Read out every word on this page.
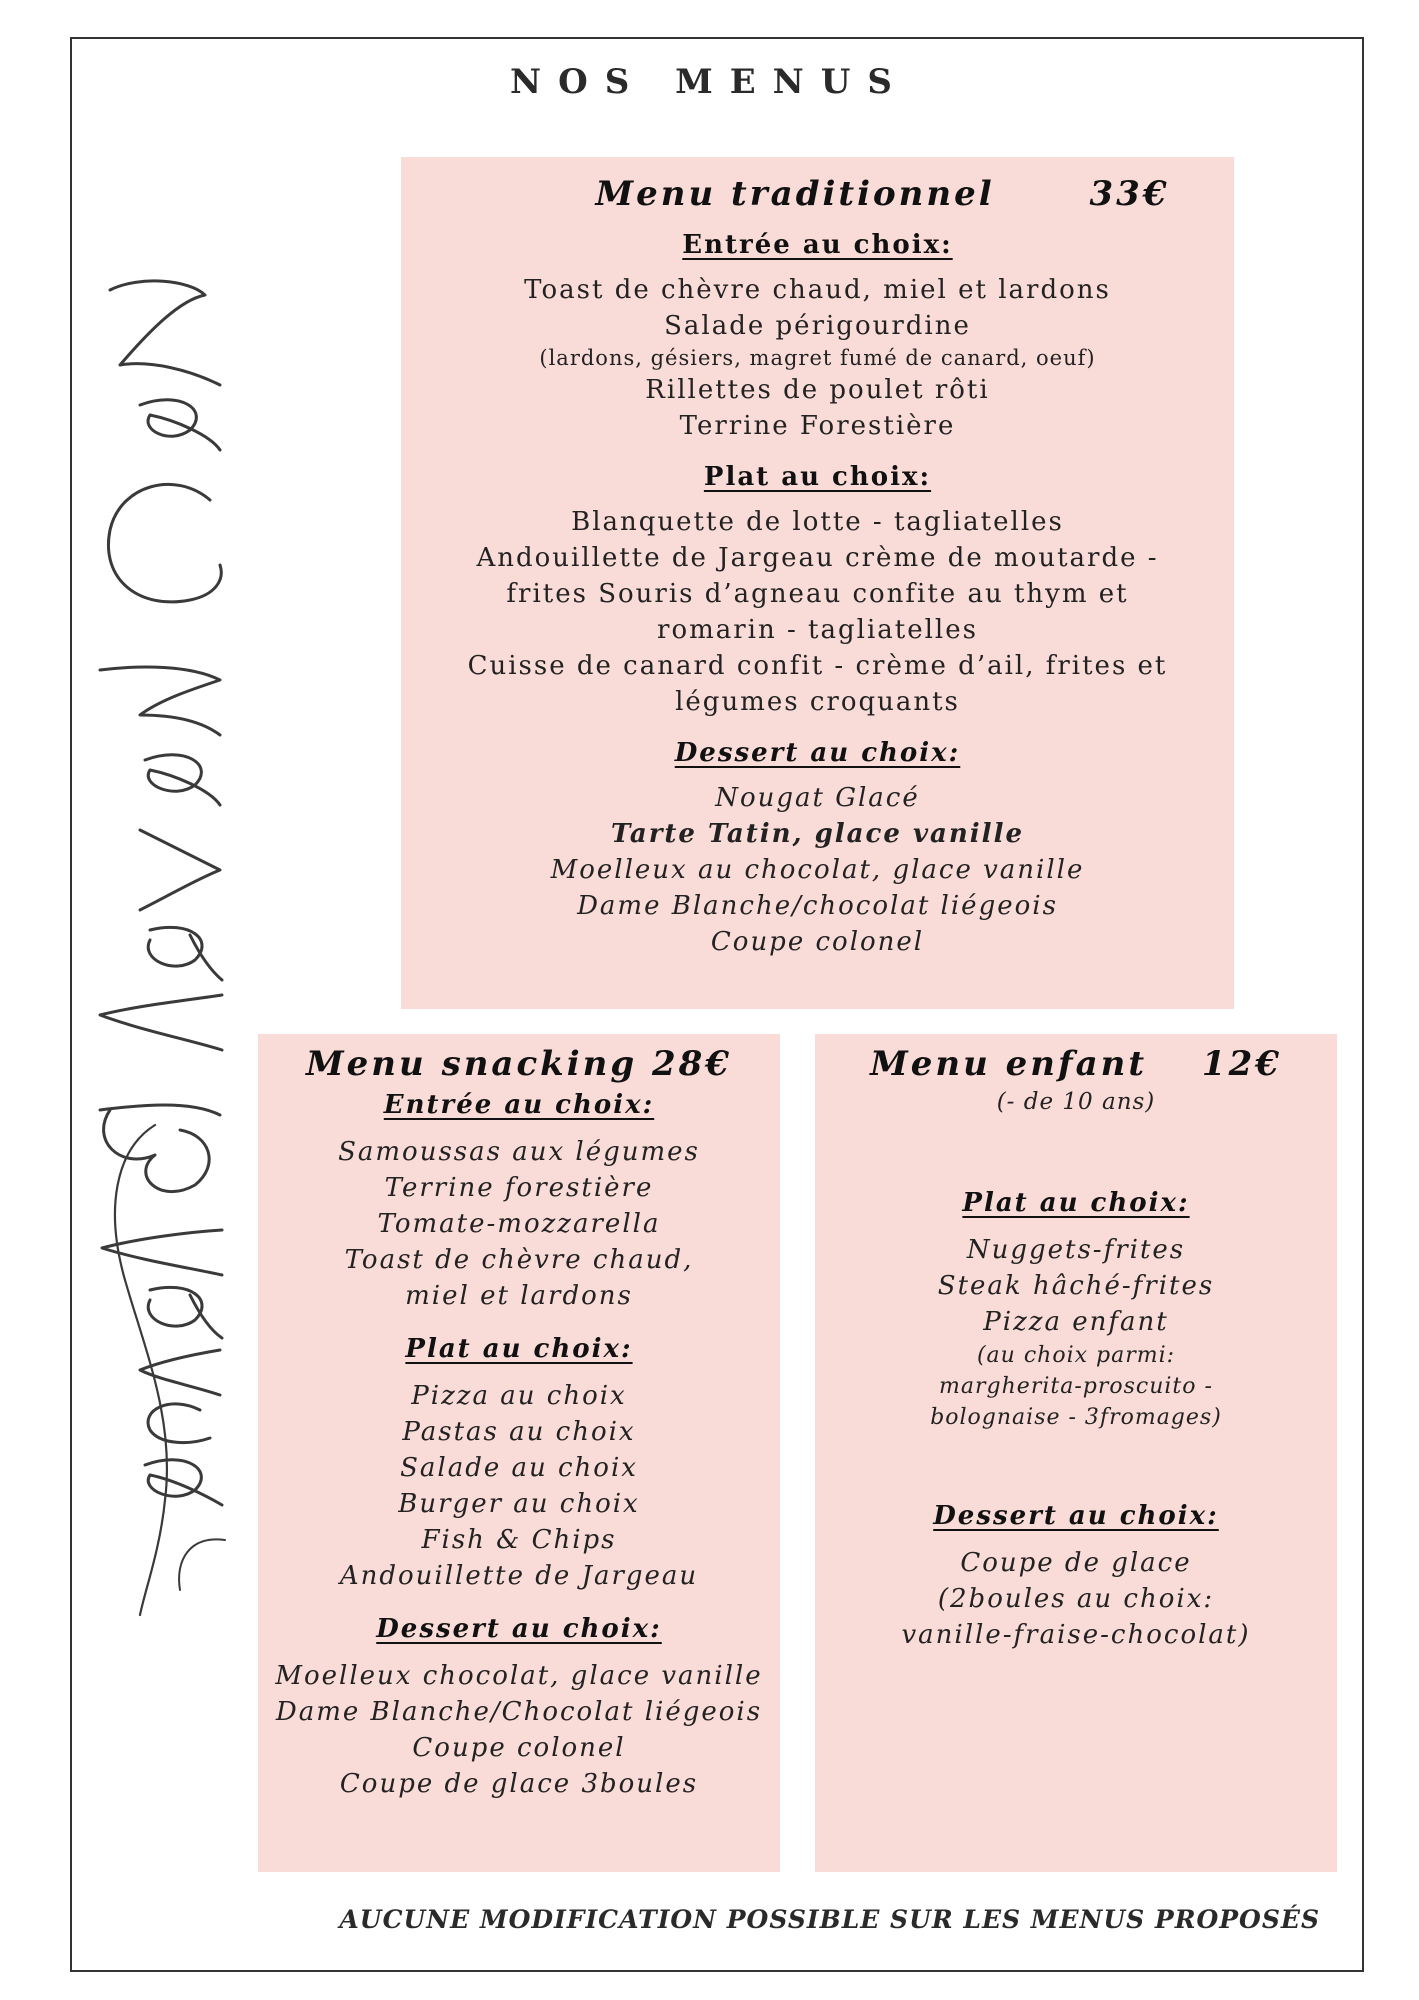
NOS MENUS
Menu traditionnel	33€
Entrée au choix:
Toast de chèvre chaud, miel et lardons
Salade périgourdine
(lardons, gésiers, magret fumé de canard, oeuf)
Rillettes de poulet rôti
Terrine Forestière
Plat au choix:
Blanquette de lotte - tagliatelles
Andouillette de Jargeau crème de moutarde -
frites Souris d’agneau confite au thym et
romarin - tagliatelles
Cuisse de canard confit - crème d’ail, frites et
légumes croquants
Dessert au choix:
Nougat Glacé
Tarte Tatin, glace vanille
Moelleux au chocolat, glace vanille
Dame Blanche/chocolat liégeois
Coupe colonel
Menu snacking 28€
Entrée au choix:
Samoussas aux légumes
Terrine forestière
Tomate-mozzarella
Toast de chèvre chaud,
miel et lardons
Plat au choix:
Pizza au choix
Pastas au choix
Salade au choix
Burger au choix
Fish & Chips
Andouillette de Jargeau
Dessert au choix:
Moelleux chocolat, glace vanille
Dame Blanche/Chocolat liégeois
Coupe colonel
Coupe de glace 3boules
Menu enfant 12€
(- de 10 ans)
Plat au choix:
Nuggets-frites
Steak hâché-frites
Pizza enfant
(au choix parmi:
margherita-proscuito -
bolognaise - 3fromages)
Dessert au choix:
Coupe de glace
(2boules au choix:
vanille-fraise-chocolat)
AUCUNE MODIFICATION POSSIBLE SUR LES MENUS PROPOSÉS
